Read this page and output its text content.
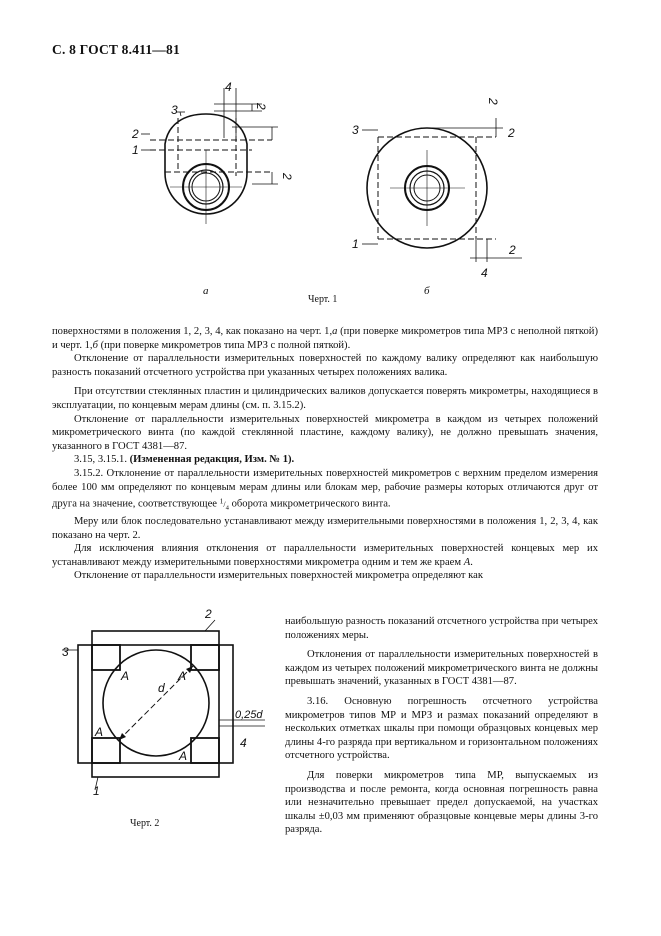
С. 8 ГОСТ 8.411—81
3
2
1
4
2
2
3
1
4
2
2
2
а	б
Черт. 1

поверхностями в положения 1, 2, 3, 4, как показано на черт. 1,а (при поверке микрометров типа МРЗ с неполной пяткой) и черт. 1,б (при поверке микрометров типа МРЗ с полной пяткой).

Отклонение от параллельности измерительных поверхностей по каждому валику определяют как наибольшую разность показаний отсчетного устройства при указанных четырех положениях валика.

При отсутствии стеклянных пластин и цилиндрических валиков допускается поверять микрометры, находящиеся в эксплуатации, по концевым мерам длины (см. п. 3.15.2).

Отклонение от параллельности измерительных поверхностей микрометра в каждом из четырех положений микрометрического винта (по каждой стеклянной пластине, каждому валику), не должно превышать значения, указанного в ГОСТ 4381—87.

3.15, 3.15.1. (Измененная редакция, Изм. № 1).

3.15.2. Отклонение от параллельности измерительных поверхностей микрометров с верхним пределом измерения более 100 мм определяют по концевым мерам длины или блокам мер, рабочие размеры которых отличаются друг от друга на значение, соответствующее $^1/_4$ оборота микрометрического винта.

Меру или блок последовательно устанавливают между измерительными поверхностями в положения 1, 2, 3, 4, как показано на черт. 2.

Для исключения влияния отклонения от параллельности измерительных поверхностей концевых мер их устанавливают между измерительными поверхностями микрометра одним и тем же краем А.

Отклонение от параллельности измерительных поверхностей микрометра определяют как

3
2
1
4
А	А
А
А
d
0,25d
Черт. 2

наибольшую разность показаний отсчетного устройства при четырех положениях меры.

Отклонения от параллельности измерительных поверхностей в каждом из четырех положений микрометрического винта не должны превышать значений, указанных в ГОСТ 4381—87.

3.16. Основную погрешность отсчетного устройства микрометров типов МР и МРЗ и размах показаний определяют в нескольких отметках шкалы при помощи образцовых концевых мер длины 4-го разряда при вертикальном и горизонтальном положениях отсчетного устройства.

Для поверки микрометров типа МР, выпускаемых из производства и после ремонта, когда основная погрешность равна или незначительно превышает предел допускаемой, на участках шкалы ±0,03 мм применяют образцовые концевые меры длины 3-го разряда.
